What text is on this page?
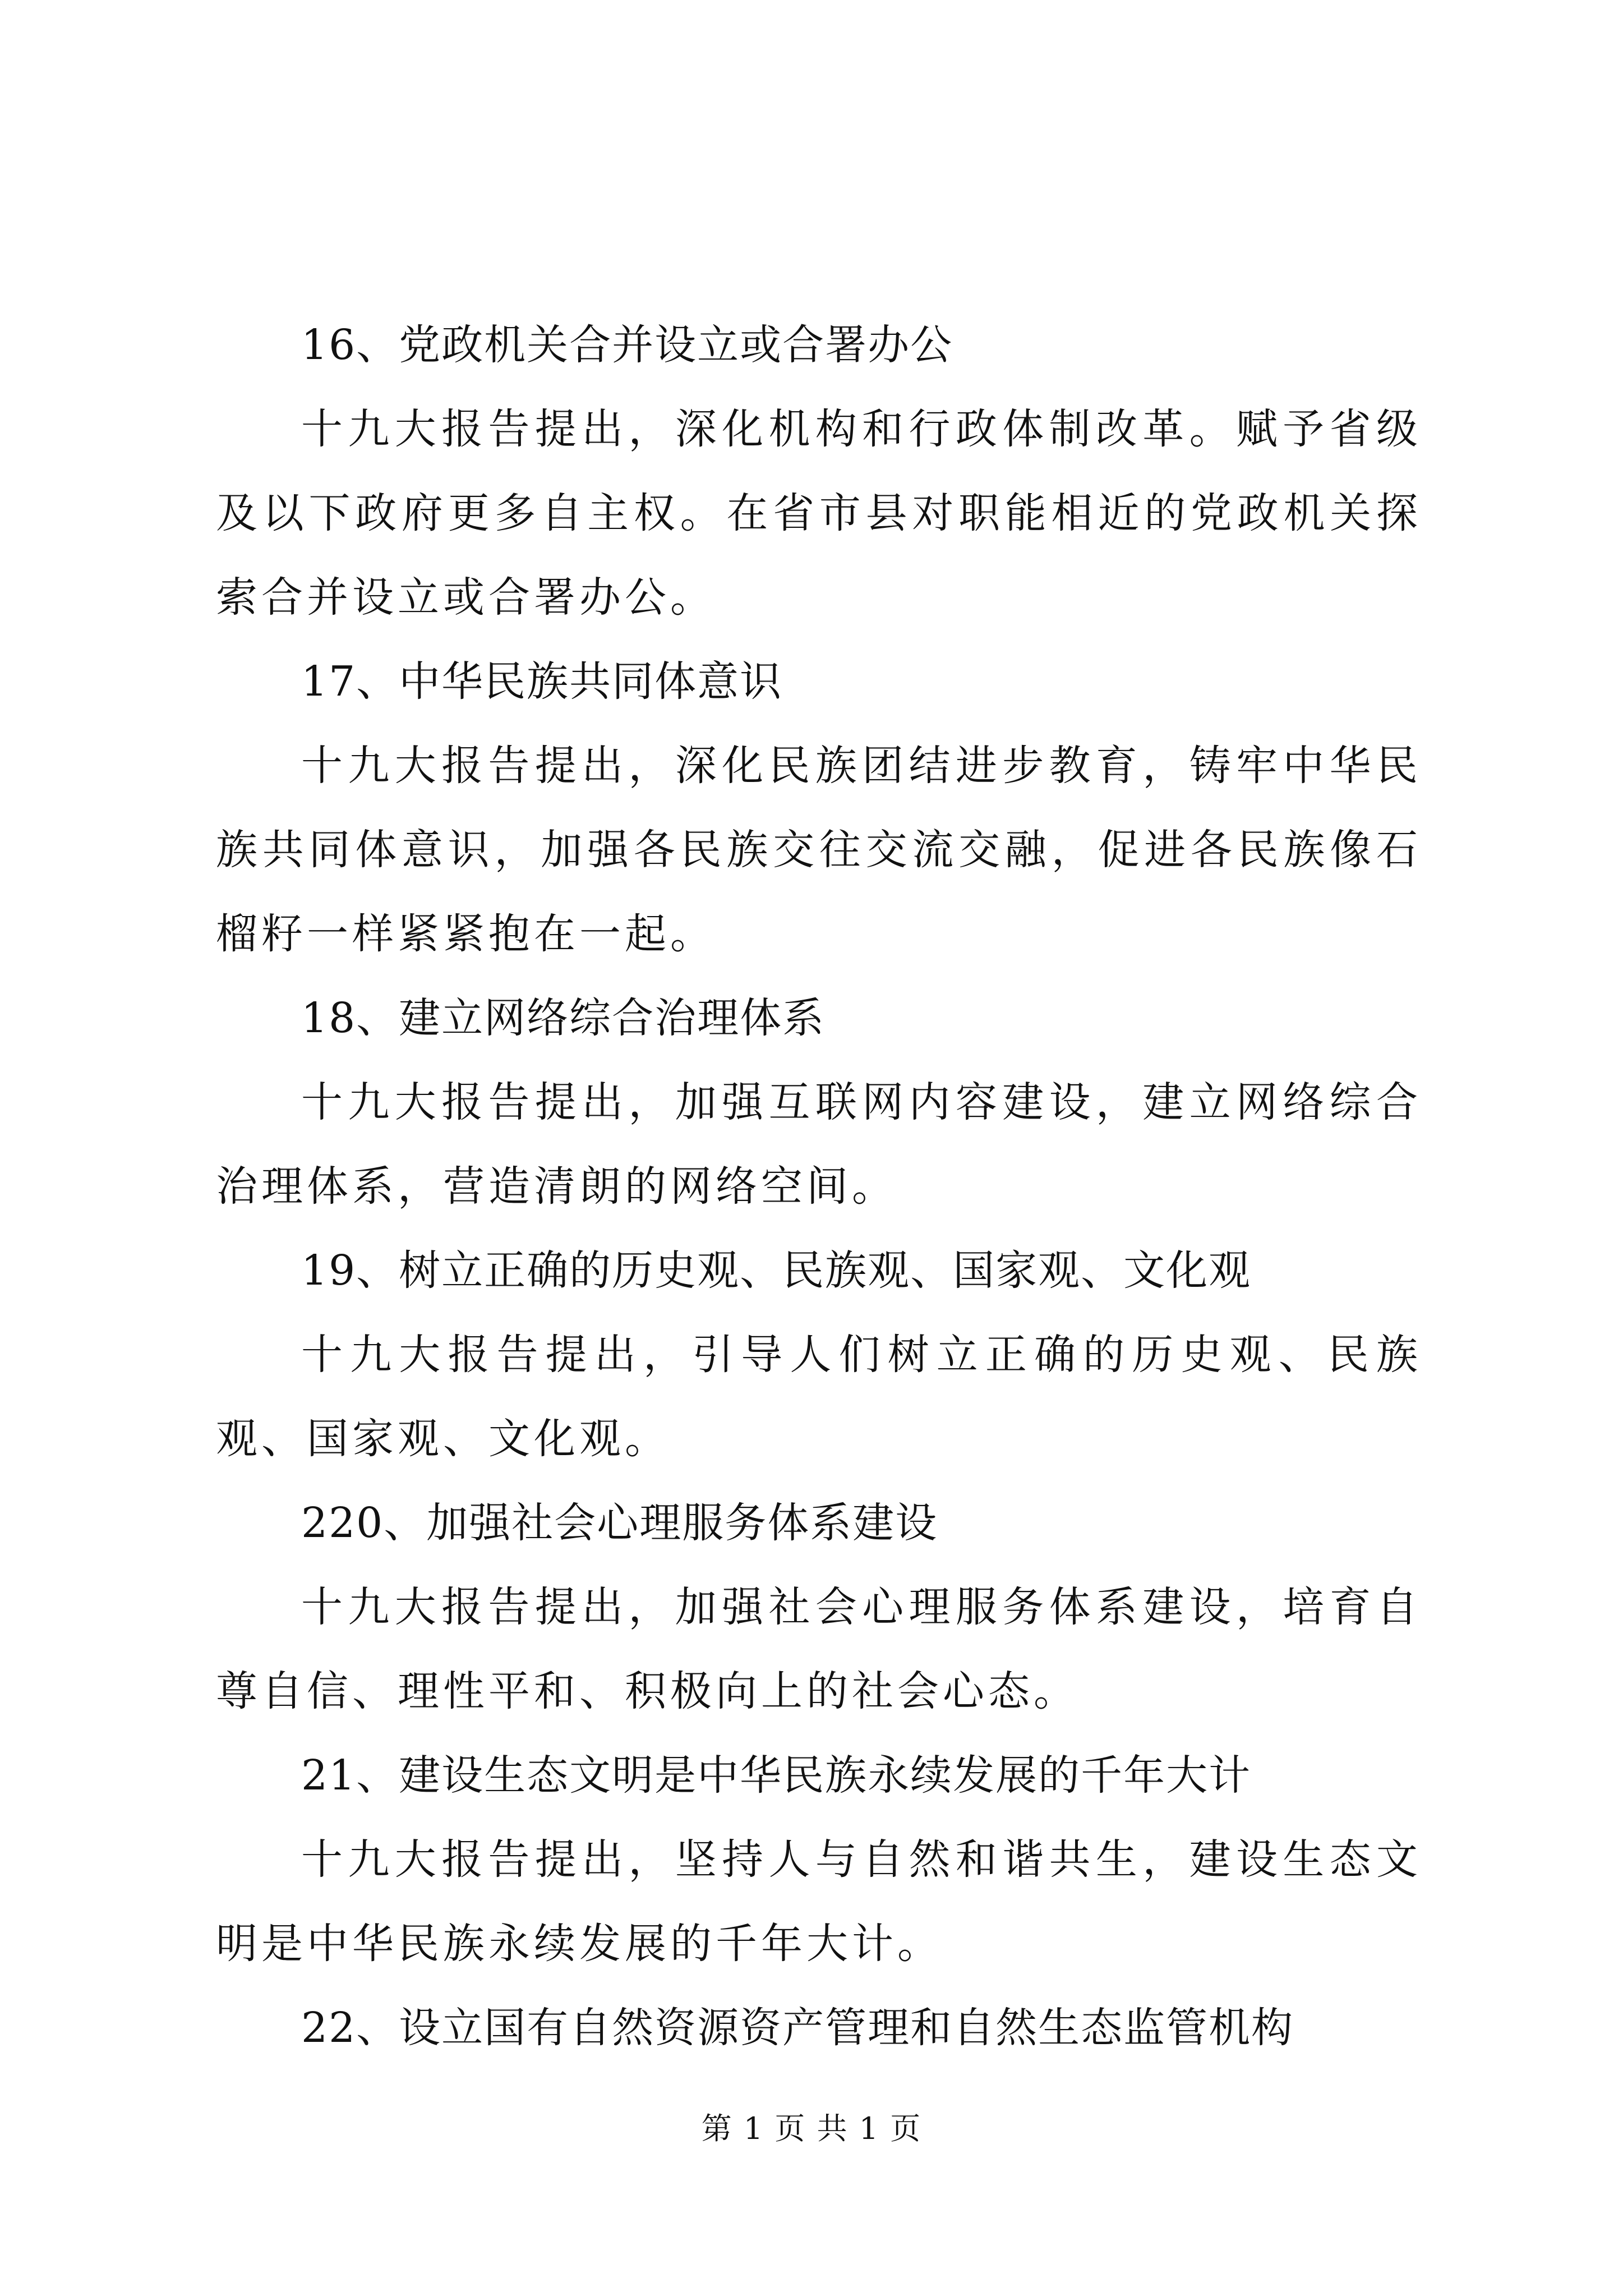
16、党政机关合并设立或合署办公

十九大报告提出，深化机构和行政体制改革。赋予省级及以下政府更多自主权。在省市县对职能相近的党政机关探索合并设立或合署办公。

17、中华民族共同体意识

十九大报告提出，深化民族团结进步教育，铸牢中华民族共同体意识，加强各民族交往交流交融，促进各民族像石榴籽一样紧紧抱在一起。

18、建立网络综合治理体系

十九大报告提出，加强互联网内容建设，建立网络综合治理体系，营造清朗的网络空间。

19、树立正确的历史观、民族观、国家观、文化观

十九大报告提出，引导人们树立正确的历史观、民族观、国家观、文化观。

220、加强社会心理服务体系建设

十九大报告提出，加强社会心理服务体系建设，培育自尊自信、理性平和、积极向上的社会心态。

21、建设生态文明是中华民族永续发展的千年大计

十九大报告提出，坚持人与自然和谐共生，建设生态文明是中华民族永续发展的千年大计。

22、设立国有自然资源资产管理和自然生态监管机构

第 1 页 共 1 页
